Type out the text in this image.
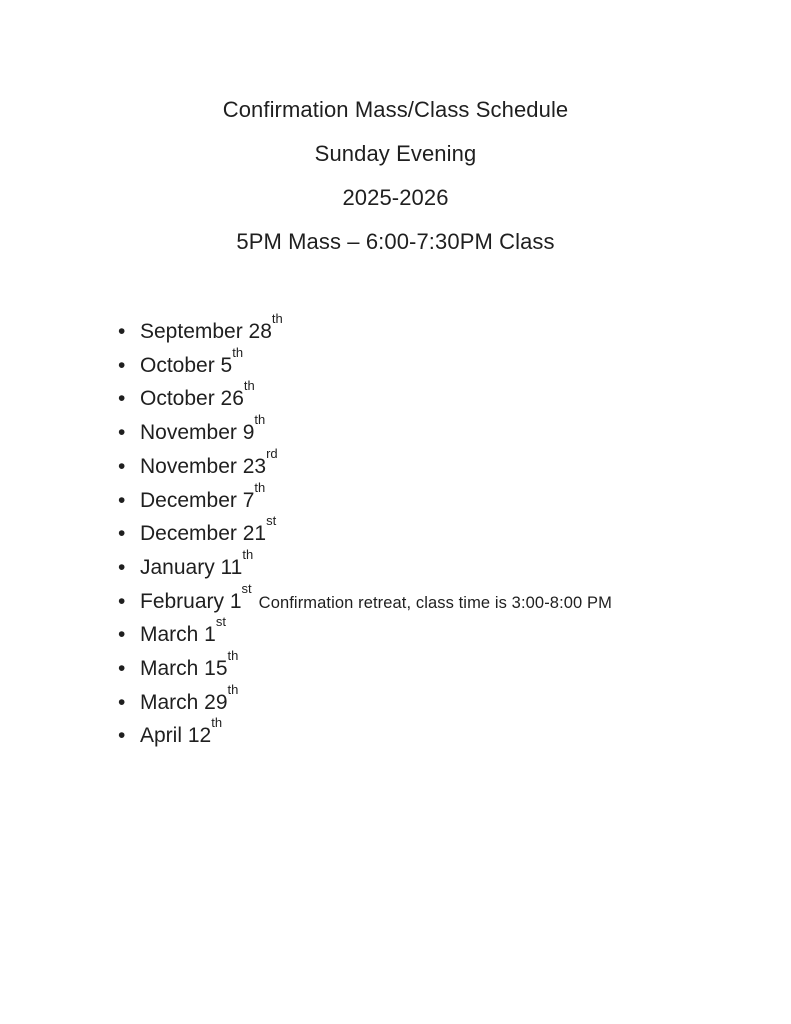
Confirmation Mass/Class Schedule
Sunday Evening
2025-2026
5PM Mass – 6:00-7:30PM Class
• September 28th
• October 5th
• October 26th
• November 9th
• November 23rd
• December 7th
• December 21st
• January 11th
• February 1stConfirmation retreat, class time is 3:00-8:00 PM
• March 1st
• March 15th
• March 29th
• April 12th
